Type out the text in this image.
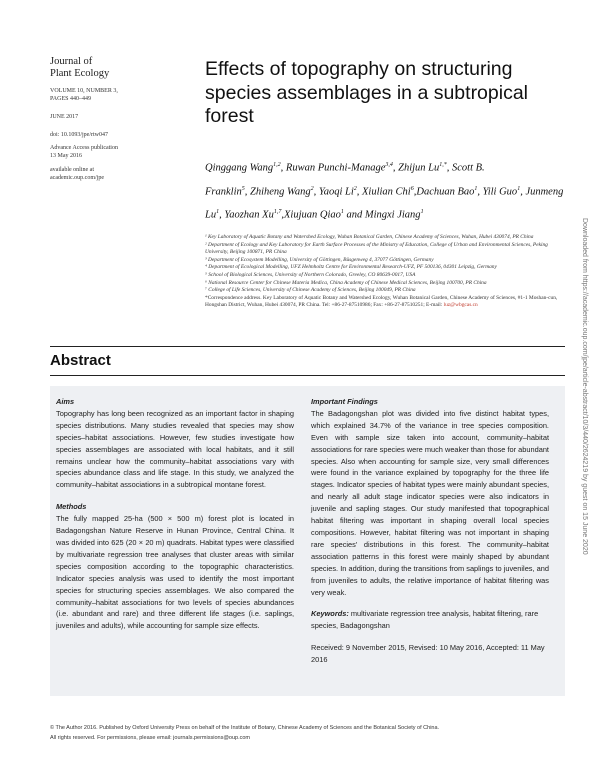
Journal of
Plant Ecology
VOLUME 10, NUMBER 3,
PAGES 440–449
JUNE 2017
doi: 10.1093/jpe/rtw047
Advance Access publication
13 May 2016
available online at
academic.oup.com/jpe
Effects of topography on structuring species assemblages in a subtropical forest
Qinggang Wang$^{1,2}$, Ruwan Punchi-Manage$^{3,4}$, Zhijun $Lu^{1,*}$, Scott B. Franklin$^5$, Zhiheng Wang$^2$, Yaoqi Li$^2$, Xiulian Chi$^6$,Dachuan Bao$^1$, Yili Guo$^1$, Junmeng Lu$^1$, Yaozhan Xu$^{1,7}$,Xiujuan Qiao$^1$ and Mingxi Jiang$^1$
¹ Key Laboratory of Aquatic Botany and Watershed Ecology, Wuhan Botanical Garden, Chinese Academy of Sciences, Wuhan, Hubei 430074, PR China
² Department of Ecology and Key Laboratory for Earth Surface Processes of the Ministry of Education, College of Urban and Environmental Sciences, Peking University, Beijing 100871, PR China
³ Department of Ecosystem Modelling, University of Göttingen, Büsgenweg 4, 37077 Göttingen, Germany
⁴ Department of Ecological Modelling, UFZ Helmholtz Centre for Environmental Research-UFZ, PF 500136, 04301 Leipzig, Germany
⁵ School of Biological Sciences, University of Northern Colorado, Greeley, CO 80639-0017, USA
⁶ National Resource Center for Chinese Materia Medica, China Academy of Chinese Medical Sciences, Beijing 100700, PR China
⁷ College of Life Sciences, University of Chinese Academy of Sciences, Beijing 100049, PR China
*Correspondence address. Key Laboratory of Aquatic Botany and Watershed Ecology, Wuhan Botanical Garden, Chinese Academy of Sciences, #1-1 Moshan-cun, Hongshan District, Wuhan, Hubei 430074, PR China. Tel: +86-27-87510986; Fax: +86-27-87510251; E-mail: luz@wbgcas.cn	Downloaded from https://academic.oup.com/jpe/article-abstract/10/3/440/2624219 by guest on 15 June 2020
Abstract
Aims

Topography has long been recognized as an important factor in shaping species distributions. Many studies revealed that species may show species–habitat associations. However, few studies investigate how species assemblages are associated with local habitats, and it still remains unclear how the community–habitat associations vary with species abundance class and life stage. In this study, we analyzed the community–habitat associations in a subtropical montane forest.

Methods

The fully mapped 25-ha (500 × 500 m) forest plot is located in Badagongshan Nature Reserve in Hunan Province, Central China. It was divided into 625 (20 × 20 m) quadrats. Habitat types were classified by multivariate regression tree analyses that cluster areas with similar species composition according to the topographic characteristics. Indicator species analysis was used to identify the most important species for structuring species assemblages. We also compared the community–habitat associations for two levels of species abundances (i.e. abundant and rare) and three different life stages (i.e. saplings, juveniles and adults), while accounting for sample size effects.

Important Findings

The Badagongshan plot was divided into five distinct habitat types, which explained 34.7% of the variance in tree species composition. Even with sample size taken into account, community–habitat associations for rare species were much weaker than those for abundant species. Also when accounting for sample size, very small differences were found in the variance explained by topography for the three life stages. Indicator species of habitat types were mainly abundant species, and nearly all adult stage indicator species were also indicators in juvenile and sapling stages. Our study manifested that topographical habitat filtering was important in shaping overall local species compositions. However, habitat filtering was not important in shaping rare species' distributions in this forest. The community–habitat association patterns in this forest were mainly shaped by abundant species. In addition, during the transitions from saplings to juveniles, and from juveniles to adults, the relative importance of habitat filtering was very weak.

Keywords: multivariate regression tree analysis, habitat filtering, rare species, Badagongshan

Received: 9 November 2015, Revised: 10 May 2016, Accepted: 11 May 2016

© The Author 2016. Published by Oxford University Press on behalf of the Institute of Botany, Chinese Academy of Sciences and the Botanical Society of China.
All rights reserved. For permissions, please email: journals.permissions@oup.com
